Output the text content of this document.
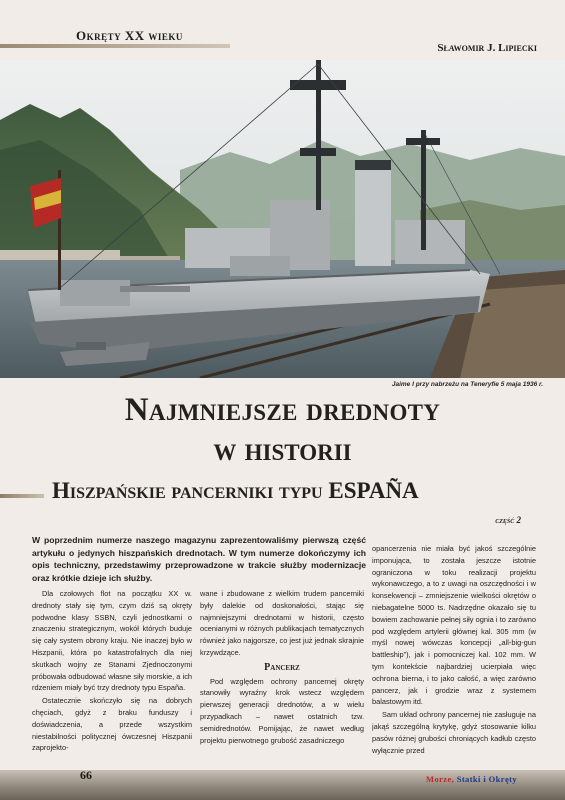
Okręty XX wieku
Sławomir J. Lipiecki
Jaime I przy nabrzeżu na Teneryfie 5 maja 1936 r.
Najmniejsze drednoty
w historii
Hiszpańskie pancerniki typu ESPAÑA
część 2
W poprzednim numerze naszego magazynu zaprezentowaliśmy pierwszą część artykułu o jedynych hiszpańskich drednotach. W tym numerze dokończymy ich opis techniczny, przedstawimy przeprowadzone w trakcie służby modernizacje oraz krótkie dzieje ich służby.

Dla czołowych flot na początku XX w. drednoty stały się tym, czym dziś są okręty podwodne klasy SSBN, czyli jednostkami o znaczeniu strategicznym, wokół których buduje się cały system obrony kraju. Nie inaczej było w Hiszpanii, która po katastrofalnych dla niej skutkach wojny ze Stanami Zjednoczonymi próbowała odbudować własne siły morskie, a ich rdzeniem miały być trzy drednoty typu España.

Ostatecznie skończyło się na dobrych chęciach, gdyż z braku funduszy i doświadczenia, a przede wszystkim niestabilności politycznej ówczesnej Hiszpanii zaprojekto-

wane i zbudowane z wielkim trudem pancerniki były dalekie od doskonałości, stając się najmniejszymi drednotami w historii, często ocenianymi w różnych publikacjach tematycznych również jako najgorsze, co jest już jednak skrajnie krzywdzące.

Pancerz

Pod względem ochrony pancernej okręty stanowiły wyraźny krok wstecz względem pierwszej generacji drednotów, a w wielu przypadkach – nawet ostatnich tzw. semidrednotów. Pomijając, że nawet według projektu pierwotnego grubość zasadniczego

opancerzenia nie miała być jakoś szczególnie imponująca, to została jeszcze istotnie ograniczona w toku realizacji projektu wykonawczego, a to z uwagi na oszczędności i w konsekwencji – zmniejszenie wielkości okrętów o niebagatelne 5000 ts. Nadrzędne okazało się tu bowiem zachowanie pełnej siły ognia i to zarówno pod względem artylerii głównej kal. 305 mm (w myśl nowej wówczas koncepcji „all-big-gun battleship”), jak i pomocniczej kal. 102 mm. W tym kontekście najbardziej ucierpiała więc ochrona bierna, i to jako całość, a więc zarówno pancerz, jak i grodzie wraz z systemem balastowym itd.

Sam układ ochrony pancernej nie zasługuje na jakąś szczególną krytykę, gdyż stosowanie kilku pasów różnej grubości chroniących kadłub często wyłącznie przed

66	Morze, Statki i Okręty
